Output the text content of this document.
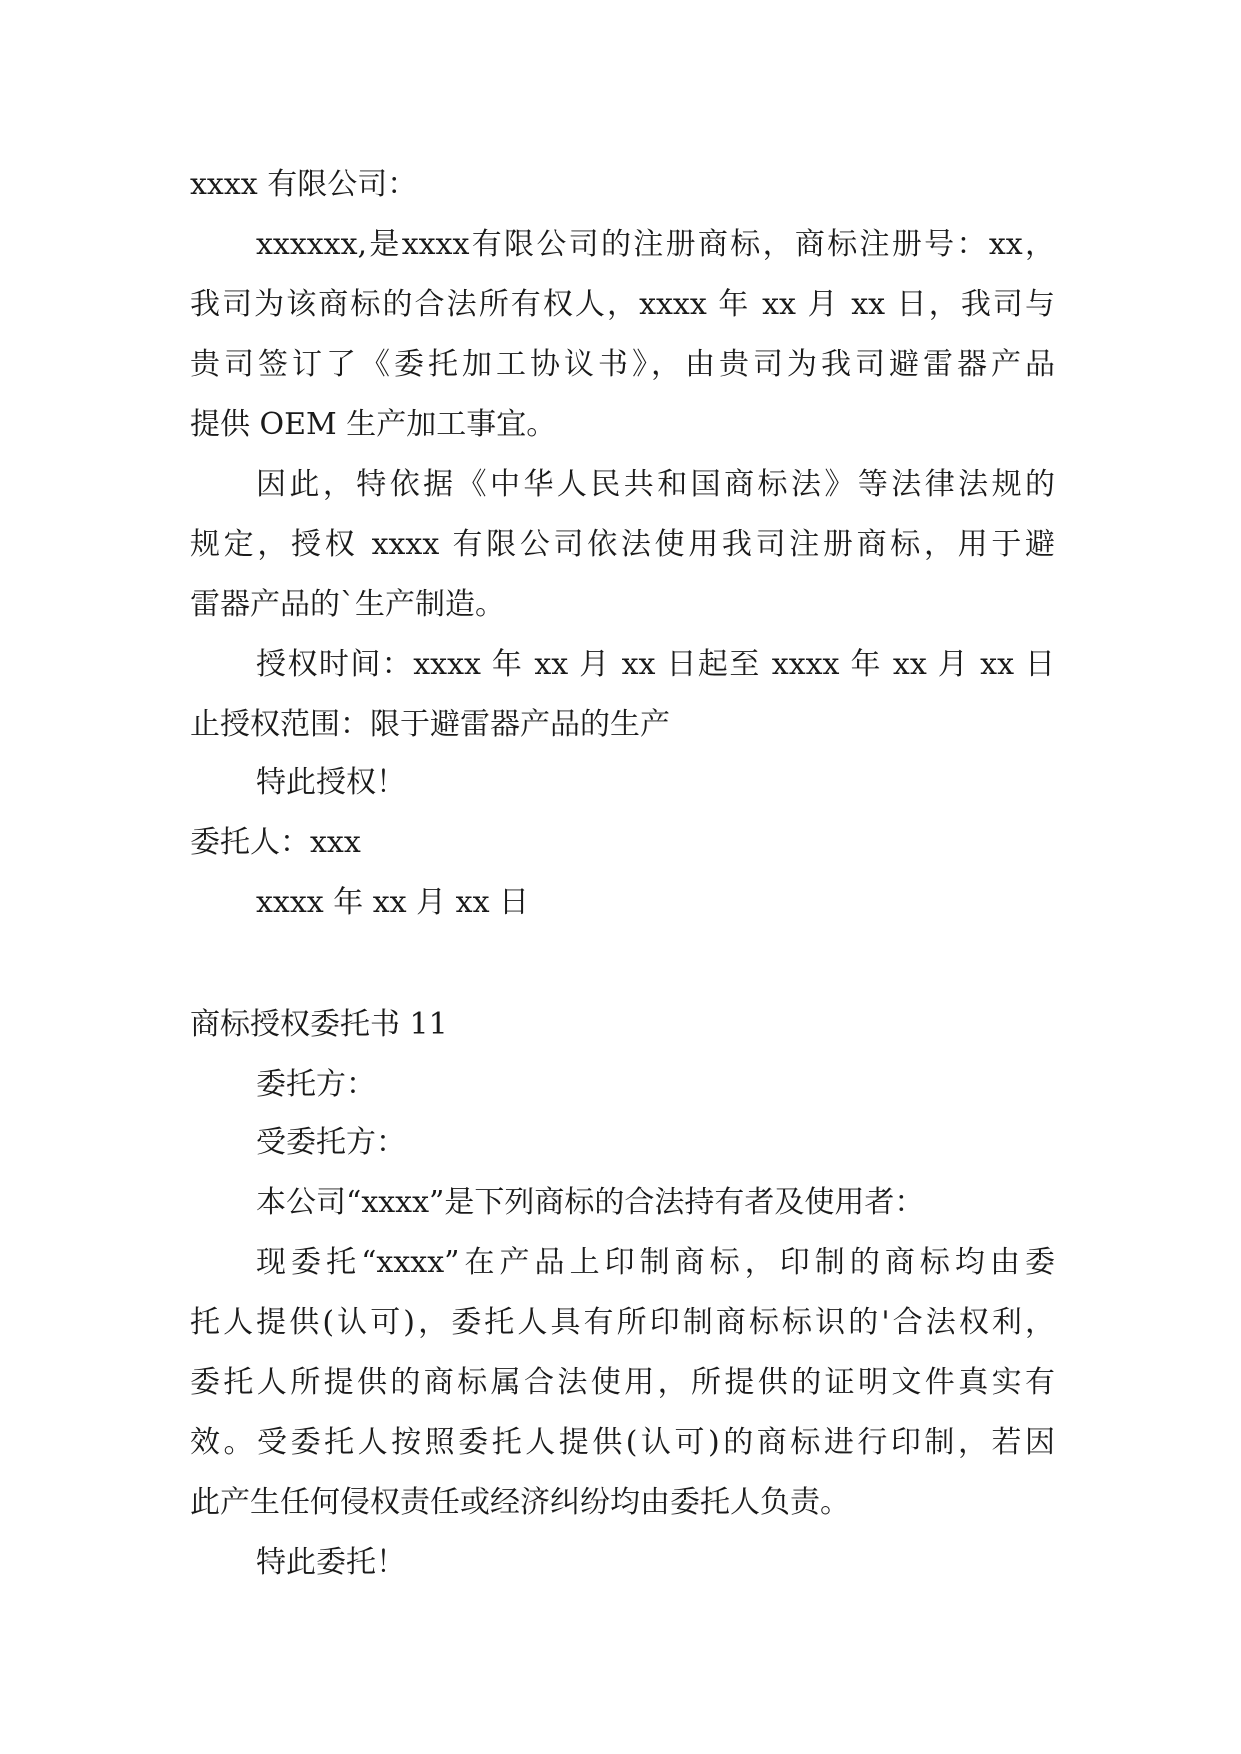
xxxx 有限公司：
xxxxxx,是xxxx有限公司的注册商标，商标注册号：xx，
我司为该商标的合法所有权人，xxxx 年 xx 月 xx 日，我司与
贵司签订了《委托加工协议书》，由贵司为我司避雷器产品
提供 OEM 生产加工事宜。
因此，特依据《中华人民共和国商标法》等法律法规的
规定，授权 xxxx 有限公司依法使用我司注册商标，用于避
雷器产品的`生产制造。
授权时间：xxxx 年 xx 月 xx 日起至 xxxx 年 xx 月 xx 日
止授权范围：限于避雷器产品的生产
特此授权！
委托人：xxx
xxxx 年 xx 月 xx 日
商标授权委托书 11
委托方：
受委托方：
本公司“xxxx”是下列商标的合法持有者及使用者：
现委托“xxxx”在产品上印制商标，印制的商标均由委
托人提供(认可)，委托人具有所印制商标标识的'合法权利，
委托人所提供的商标属合法使用，所提供的证明文件真实有
效。受委托人按照委托人提供(认可)的商标进行印制，若因
此产生任何侵权责任或经济纠纷均由委托人负责。
特此委托！
